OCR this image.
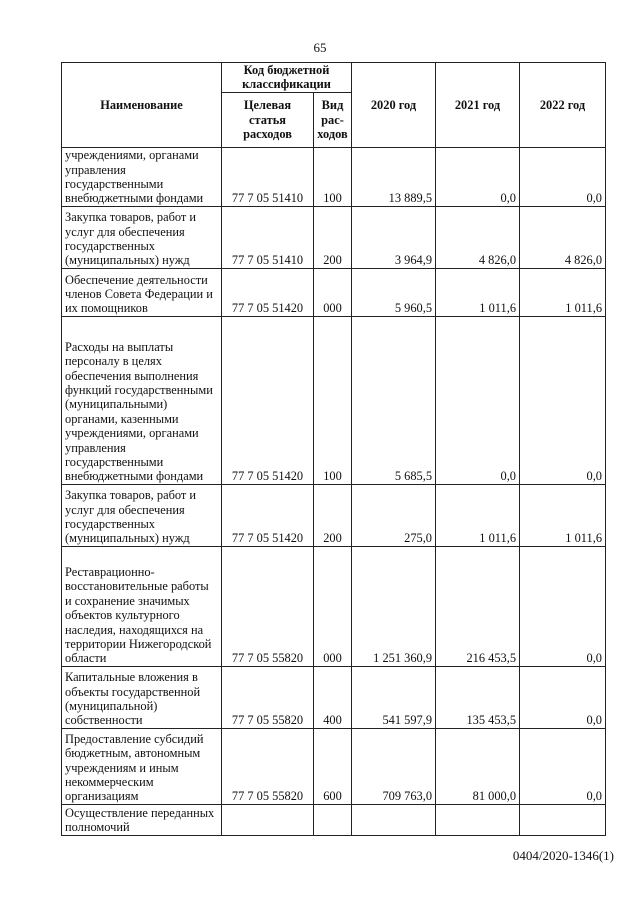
65
Наименование	Код бюджетной классификации		2020 год	2021 год	2022 год
	Целевая статья расходов	Вид рас-ходов			
учреждениями, органами управления государственными внебюджетными фондами	77 7 05 51410	100	13 889,5	0,0	0,0
Закупка товаров, работ и услуг для обеспечения государственных (муниципальных) нужд	77 7 05 51410	200	3 964,9	4 826,0	4 826,0
Обеспечение деятельности членов Совета Федерации и их помощников	77 7 05 51420	000	5 960,5	1 011,6	1 011,6
Расходы на выплаты персоналу в целях обеспечения выполнения функций государственными (муниципальными) органами, казенными учреждениями, органами управления государственными внебюджетными фондами	77 7 05 51420	100	5 685,5	0,0	0,0
Закупка товаров, работ и услуг для обеспечения государственных (муниципальных) нужд	77 7 05 51420	200	275,0	1 011,6	1 011,6
Реставрационно-восстановительные работы и сохранение значимых объектов культурного наследия, находящихся на территории Нижегородской области	77 7 05 55820	000	1 251 360,9	216 453,5	0,0
Капитальные вложения в объекты государственной (муниципальной) собственности	77 7 05 55820	400	541 597,9	135 453,5	0,0
Предоставление субсидий бюджетным, автономным учреждениям и иным некоммерческим организациям	77 7 05 55820	600	709 763,0	81 000,0	0,0
Осуществление переданных полномочий					
0404/2020-1346(1)
